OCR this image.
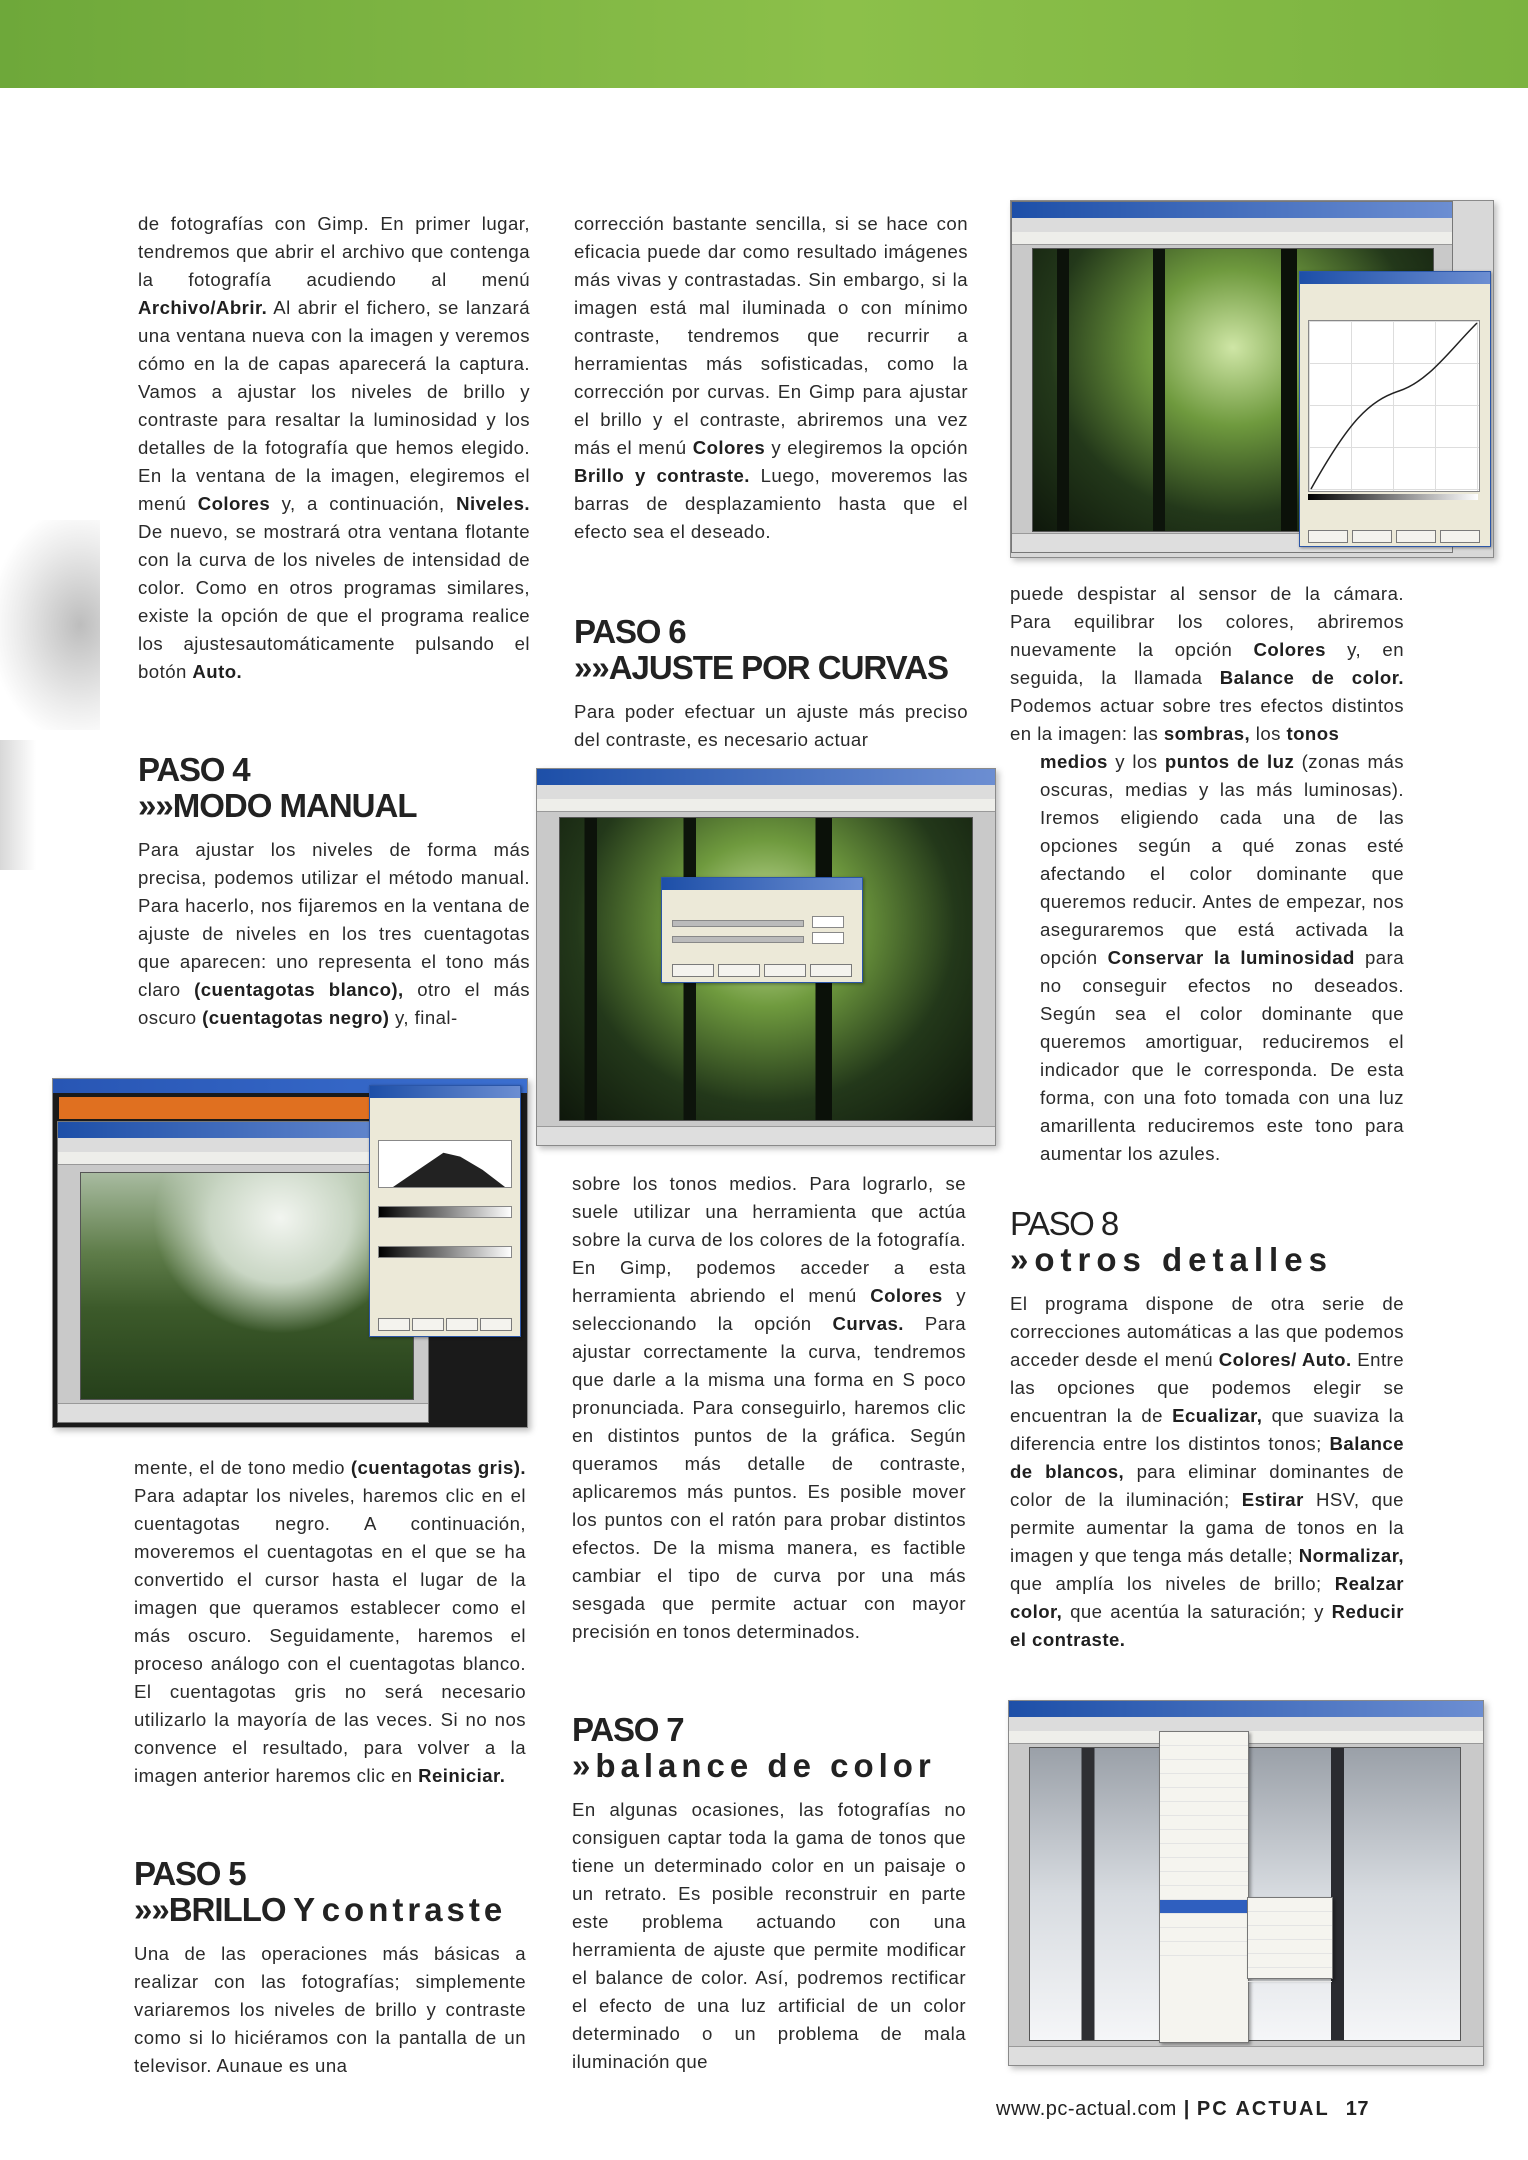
de fotografías con Gimp. En primer lugar, tendremos que abrir el archivo que contenga la fotografía acudiendo al menú Archivo/Abrir. Al abrir el fichero, se lanzará una ventana nueva con la imagen y veremos cómo en la de capas aparecerá la captura. Vamos a ajustar los niveles de brillo y contraste para resaltar la luminosidad y los detalles de la fotografía que hemos elegido. En la ventana de la imagen, elegiremos el menú Colores y, a continuación, Niveles. De nuevo, se mostrará otra ventana flotante con la curva de los niveles de intensidad de color. Como en otros programas similares, existe la opción de que el programa realice los ajustesautomáticamente pulsando el botón Auto.

PASO 4
»»MODO MANUAL

Para ajustar los niveles de forma más precisa, podemos utilizar el método manual. Para hacerlo, nos fijaremos en la ventana de ajuste de niveles en los tres cuentagotas que aparecen: uno representa el tono más claro (cuentagotas blanco), otro el más oscuro (cuentagotas negro) y, final-

mente, el de tono medio (cuentagotas gris). Para adaptar los niveles, haremos clic en el cuentagotas negro. A continuación, moveremos el cuentagotas en el que se ha convertido el cursor hasta el lugar de la imagen que queramos establecer como el más oscuro. Seguidamente, haremos el proceso análogo con el cuentagotas blanco. El cuentagotas gris no será necesario utilizarlo la mayoría de las veces. Si no nos convence el resultado, para volver a la imagen anterior haremos clic en Reiniciar.

PASO 5
»»BRILLO Y contraste

Una de las operaciones más básicas a realizar con las fotografías; simplemente variaremos los niveles de brillo y contraste como si lo hiciéramos con la pantalla de un televisor. Aunaue es una

corrección bastante sencilla, si se hace con eficacia puede dar como resultado imágenes más vivas y contrastadas. Sin embargo, si la imagen está mal iluminada o con mínimo contraste, tendremos que recurrir a herramientas más sofisticadas, como la corrección por curvas. En Gimp para ajustar el brillo y el contraste, abriremos una vez más el menú Colores y elegiremos la opción Brillo y contraste. Luego, moveremos las barras de desplazamiento hasta que el efecto sea el deseado.

PASO 6
»»AJUSTE POR CURVAS

Para poder efectuar un ajuste más preciso del contraste, es necesario actuar

sobre los tonos medios. Para lograrlo, se suele utilizar una herramienta que actúa sobre la curva de los colores de la fotografía. En Gimp, podemos acceder a esta herramienta abriendo el menú Colores y seleccionando la opción Curvas. Para ajustar correctamente la curva, tendremos que darle a la misma una forma en S poco pronunciada. Para conseguirlo, haremos clic en distintos puntos de la gráfica. Según queramos más detalle de contraste, aplicaremos más puntos. Es posible mover los puntos con el ratón para probar distintos efectos. De la misma manera, es factible cambiar el tipo de curva por una más sesgada que permite actuar con mayor precisión en tonos determinados.

PASO 7
»balance de color

En algunas ocasiones, las fotografías no consiguen captar toda la gama de tonos que tiene un determinado color en un paisaje o un retrato. Es posible reconstruir en parte este problema actuando con una herramienta de ajuste que permite modificar el balance de color. Así, podremos rectificar el efecto de una luz artificial de un color determinado o un problema de mala iluminación que

puede despistar al sensor de la cámara. Para equilibrar los colores, abriremos nuevamente la opción Colores y, en seguida, la llamada Balance de color. Podemos actuar sobre tres efectos distintos en la imagen: las sombras, los tonos

medios y los puntos de luz (zonas más oscuras, medias y las más luminosas). Iremos eligiendo cada una de las opciones según a qué zonas esté afectando el color dominante que queremos reducir. Antes de empezar, nos aseguraremos que está activada la opción Conservar la luminosidad para no conseguir efectos no deseados. Según sea el color dominante que queremos amortiguar, reduciremos el indicador que le corresponda. De esta forma, con una foto tomada con una luz amarillenta reduciremos este tono para aumentar los azules.

PASO 8
»otros detalles

El programa dispone de otra serie de correcciones automáticas a las que podemos acceder desde el menú Colores/ Auto. Entre las opciones que podemos elegir se encuentran la de Ecualizar, que suaviza la diferencia entre los distintos tonos; Balance de blancos, para eliminar dominantes de color de la iluminación; Estirar HSV, que permite aumentar la gama de tonos en la imagen y que tenga más detalle; Normalizar, que amplía los niveles de brillo; Realzar color, que acentúa la saturación; y Reducir el contraste.

www.pc-actual.com | PC ACTUAL 17
